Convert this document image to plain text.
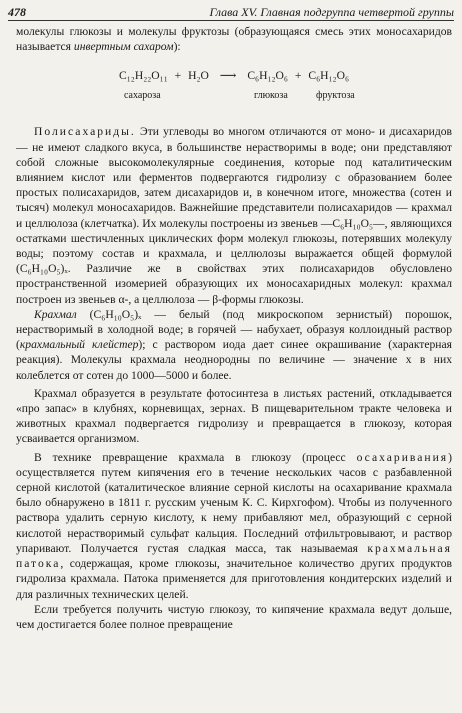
478	Глава XV. Главная подгруппа четвертой группы

молекулы глюкозы и молекулы фруктозы (образующаяся смесь этих моносахаридов называется инвертным сахаром):

C₁₂H₂₂O₁₁ + H₂O ⟶ C₆H₁₂O₆ + C₆H₁₂O₆
сахароза	глюкоза	фруктоза

Полисахариды. Эти углеводы во многом отличаются от моно- и дисахаридов — не имеют сладкого вкуса, в большинстве нерастворимы в воде; они представляют собой сложные высокомолекулярные соединения, которые под каталитическим влиянием кислот или ферментов подвергаются гидролизу с образованием более простых полисахаридов, затем дисахаридов и, в конечном итоге, множества (сотен и тысяч) молекул моносахаридов. Важнейшие представители полисахаридов — крахмал и целлюлоза (клетчатка). Их молекулы построены из звеньев —C₆H₁₀O₅—, являющихся остатками шестичленных циклических форм молекул глюкозы, потерявших молекулу воды; поэтому состав и крахмала, и целлюлозы выражается общей формулой (C₆H₁₀O₅)ₓ. Различие же в свойствах этих полисахаридов обусловлено пространственной изомерией образующих их моносахаридных молекул: крахмал построен из звеньев α-, а целлюлоза — β-формы глюкозы.

Крахмал (C₆H₁₀O₅)ₓ — белый (под микроскопом зернистый) порошок, нерастворимый в холодной воде; в горячей — набухает, образуя коллоидный раствор (крахмальный клейстер); с раствором иода дает синее окрашивание (характерная реакция). Молекулы крахмала неоднородны по величине — значение x в них колеблется от сотен до 1000—5000 и более.

Крахмал образуется в результате фотосинтеза в листьях растений, откладывается «про запас» в клубнях, корневищах, зернах. В пищеварительном тракте человека и животных крахмал подвергается гидролизу и превращается в глюкозу, которая усваивается организмом.

В технике превращение крахмала в глюкозу (процесс осахаривания) осуществляется путем кипячения его в течение нескольких часов с разбавленной серной кислотой (каталитическое влияние серной кислоты на осахаривание крахмала было обнаружено в 1811 г. русским ученым К. С. Кирхгофом). Чтобы из полученного раствора удалить серную кислоту, к нему прибавляют мел, образующий с серной кислотой нерастворимый сульфат кальция. Последний отфильтровывают, и раствор упаривают. Получается густая сладкая масса, так называемая крахмальная патока, содержащая, кроме глюкозы, значительное количество других продуктов гидролиза крахмала. Патока применяется для приготовления кондитерских изделий и для различных технических целей.

Если требуется получить чистую глюкозу, то кипячение крахмала ведут дольше, чем достигается более полное превращение
